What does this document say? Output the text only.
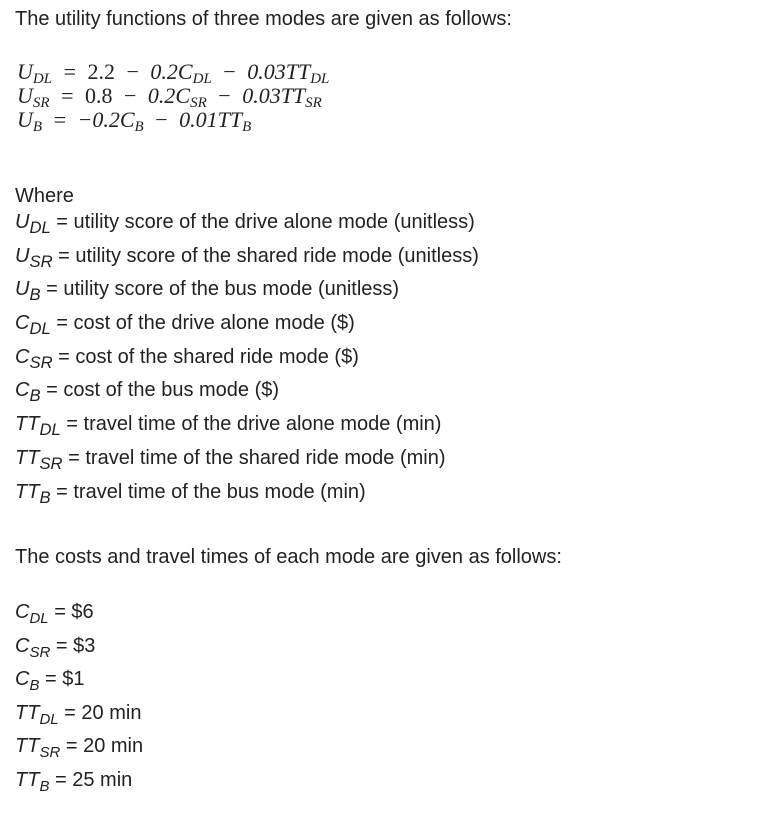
The utility functions of three modes are given as follows:
$U_{DL} = 2.2 - 0.2C_{DL} - 0.03TT_{DL}$
$U_{SR} = 0.8 - 0.2C_{SR} - 0.03TT_{SR}$
$U_B = -0.2C_B - 0.01TT_B$
Where
$U_{DL}$ = utility score of the drive alone mode (unitless)
$U_{SR}$ = utility score of the shared ride mode (unitless)
$U_B$ = utility score of the bus mode (unitless)
$C_{DL} = \cos t$ of the drive alone mode ($)
$C_{SR} = \cos t$ of the shared ride mode ($)
$C_B = \cos t$ of the bus mode ($)
$TT_{DL}$ = travel time of the drive alone mode (min)
$TT_{SR}$ = travel time of the shared ride mode (min)
$TT_B$ = travel time of the bus mode (min)
The costs and travel times of each mode are given as follows:
$C_{DL}$ = $6
$C_{SR}$ = $3
$C_B$ = $1
$TT_{DL} = 20$ min
$TT_{SR} = 20$ min
$TT_B = 25$ min
